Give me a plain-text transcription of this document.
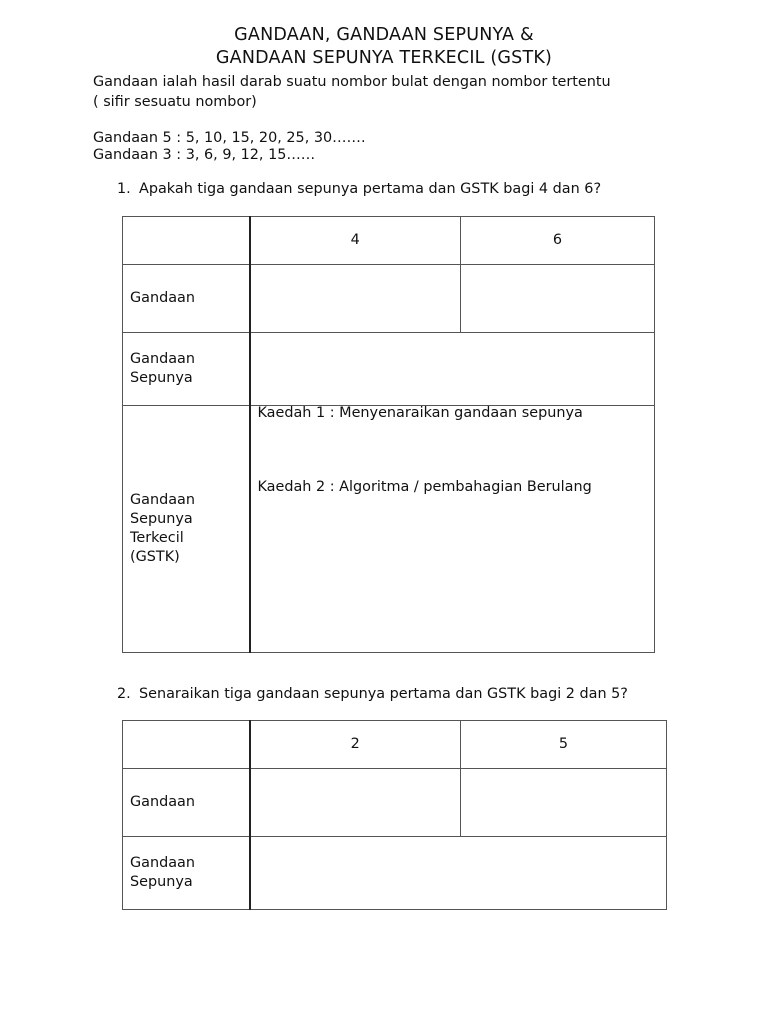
GANDAAN, GANDAAN SEPUNYA &
GANDAAN SEPUNYA TERKECIL (GSTK)
Gandaan ialah hasil darab suatu nombor bulat dengan nombor tertentu
( sifir sesuatu nombor)
Gandaan 5 : 5, 10, 15, 20, 25, 30…….
Gandaan 3 : 3, 6, 9, 12, 15……
1. Apakah tiga gandaan sepunya pertama dan GSTK bagi 4 dan 6?
	4	6
Gandaan		
Gandaan Sepunya		
Gandaan Sepunya Terkecil (GSTK)	Kaedah 1 : Menyenaraikan gandaan sepunya
Kaedah 2 : Algoritma / pembahagian Berulang	
2. Senaraikan tiga gandaan sepunya pertama dan GSTK bagi 2 dan 5?
	2	5
Gandaan		
Gandaan Sepunya		
